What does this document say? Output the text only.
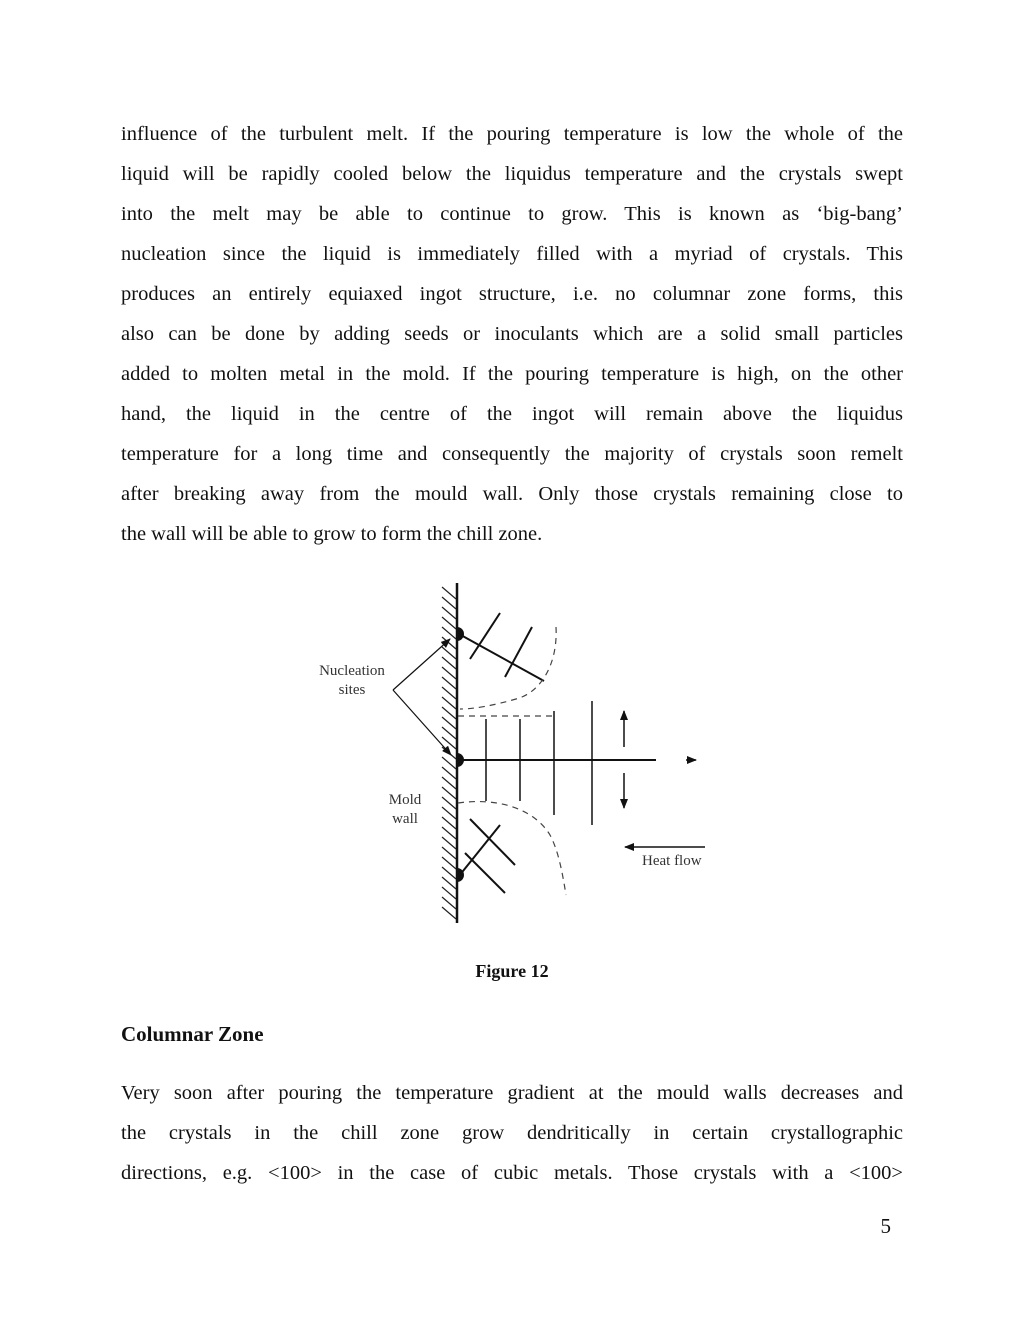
influence of the turbulent melt. If the pouring temperature is low the whole of the
liquid will be rapidly cooled below the liquidus temperature and the crystals swept
into the melt may be able to continue to grow. This is known as ‘big-bang’
nucleation since the liquid is immediately filled with a myriad of crystals. This
produces an entirely equiaxed ingot structure, i.e. no columnar zone forms, this
also can be done by adding seeds or inoculants which are a solid small particles
added to molten metal in the mold. If the pouring temperature is high, on the other
hand, the liquid in the centre of the ingot will remain above the liquidus
temperature for a long time and consequently the majority of crystals soon remelt
after breaking away from the mould wall. Only those crystals remaining close to
the wall will be able to grow to form the chill zone.
Nucleation
sites
Mold
wall
Heat flow
Figure 12
Columnar Zone
Very soon after pouring the temperature gradient at the mould walls decreases and
the crystals in the chill zone grow dendritically in certain crystallographic
directions, e.g. <100> in the case of cubic metals. Those crystals with a <100>
5
